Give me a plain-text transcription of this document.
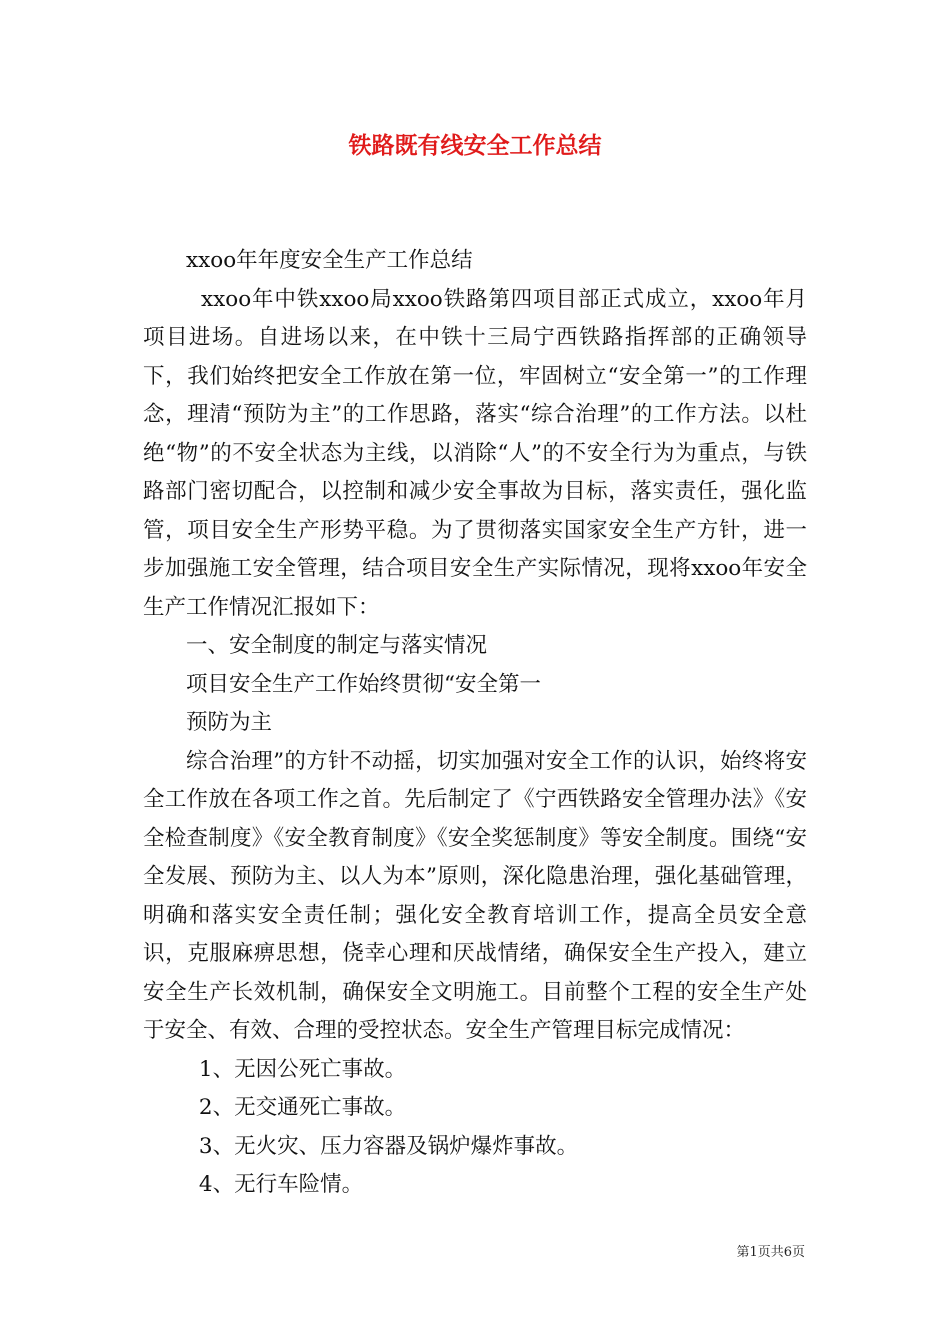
铁路既有线安全工作总结

xxoo年年度安全生产工作总结

xxoo年中铁xxoo局xxoo铁路第四项目部正式成立，xxoo年月项目进场。自进场以来，在中铁十三局宁西铁路指挥部的正确领导下，我们始终把安全工作放在第一位，牢固树立“安全第一”的工作理念，理清“预防为主”的工作思路，落实“综合治理”的工作方法。以杜绝“物”的不安全状态为主线，以消除“人”的不安全行为为重点，与铁路部门密切配合，以控制和减少安全事故为目标，落实责任，强化监管，项目安全生产形势平稳。为了贯彻落实国家安全生产方针，进一步加强施工安全管理，结合项目安全生产实际情况，现将xxoo年安全生产工作情况汇报如下：

一、安全制度的制定与落实情况

项目安全生产工作始终贯彻“安全第一

预防为主

综合治理”的方针不动摇，切实加强对安全工作的认识，始终将安全工作放在各项工作之首。先后制定了《宁西铁路安全管理办法》《安全检查制度》《安全教育制度》《安全奖惩制度》等安全制度。围绕“安全发展、预防为主、以人为本”原则，深化隐患治理，强化基础管理，明确和落实安全责任制；强化安全教育培训工作，提高全员安全意识，克服麻痹思想，侥幸心理和厌战情绪，确保安全生产投入，建立安全生产长效机制，确保安全文明施工。目前整个工程的安全生产处于安全、有效、合理的受控状态。安全生产管理目标完成情况：

1、无因公死亡事故。

2、无交通死亡事故。

3、无火灾、压力容器及锅炉爆炸事故。

4、无行车险情。

第1页共6页
